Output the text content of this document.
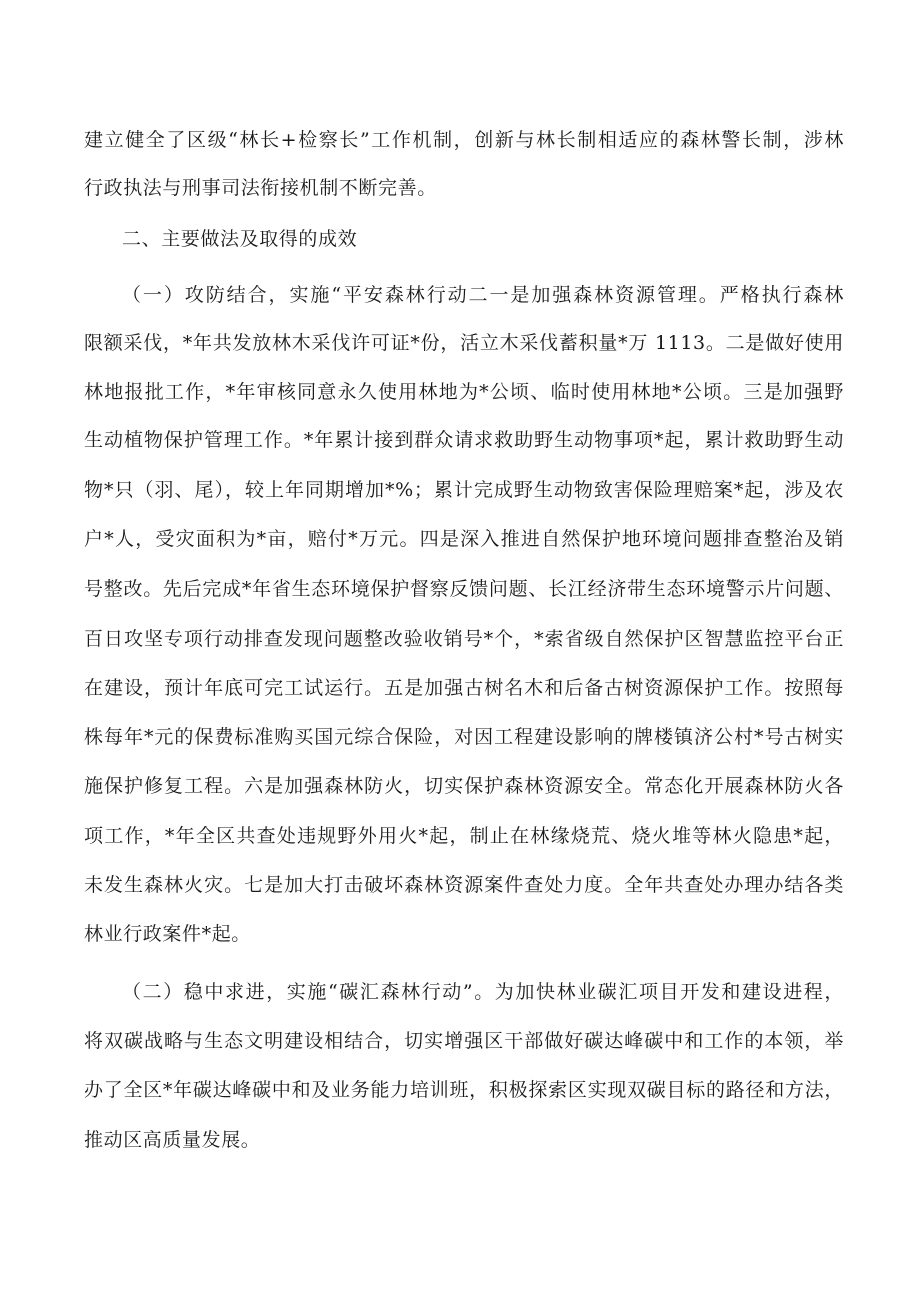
建立健全了区级“林长+检察长”工作机制，创新与林长制相适应的森林警长制，涉林
行政执法与刑事司法衔接机制不断完善。
二、主要做法及取得的成效
（一）攻防结合，实施“平安森林行动二一是加强森林资源管理。严格执行森林
限额采伐，*年共发放林木采伐许可证*份，活立木采伐蓄积量*万 1113。二是做好使用
林地报批工作，*年审核同意永久使用林地为*公顷、临时使用林地*公顷。三是加强野
生动植物保护管理工作。*年累计接到群众请求救助野生动物事项*起，累计救助野生动
物*只（羽、尾），较上年同期增加*%；累计完成野生动物致害保险理赔案*起，涉及农
户*人，受灾面积为*亩，赔付*万元。四是深入推进自然保护地环境问题排查整治及销
号整改。先后完成*年省生态环境保护督察反馈问题、长江经济带生态环境警示片问题、
百日攻坚专项行动排查发现问题整改验收销号*个，*索省级自然保护区智慧监控平台正
在建设，预计年底可完工试运行。五是加强古树名木和后备古树资源保护工作。按照每
株每年*元的保费标准购买国元综合保险，对因工程建设影响的牌楼镇济公村*号古树实
施保护修复工程。六是加强森林防火，切实保护森林资源安全。常态化开展森林防火各
项工作，*年全区共查处违规野外用火*起，制止在林缘烧荒、烧火堆等林火隐患*起，
未发生森林火灾。七是加大打击破坏森林资源案件查处力度。全年共查处办理办结各类
林业行政案件*起。
（二）稳中求进，实施“碳汇森林行动”。为加快林业碳汇项目开发和建设进程，
将双碳战略与生态文明建设相结合，切实增强区干部做好碳达峰碳中和工作的本领，举
办了全区*年碳达峰碳中和及业务能力培训班，积极探索区实现双碳目标的路径和方法，
推动区高质量发展。
